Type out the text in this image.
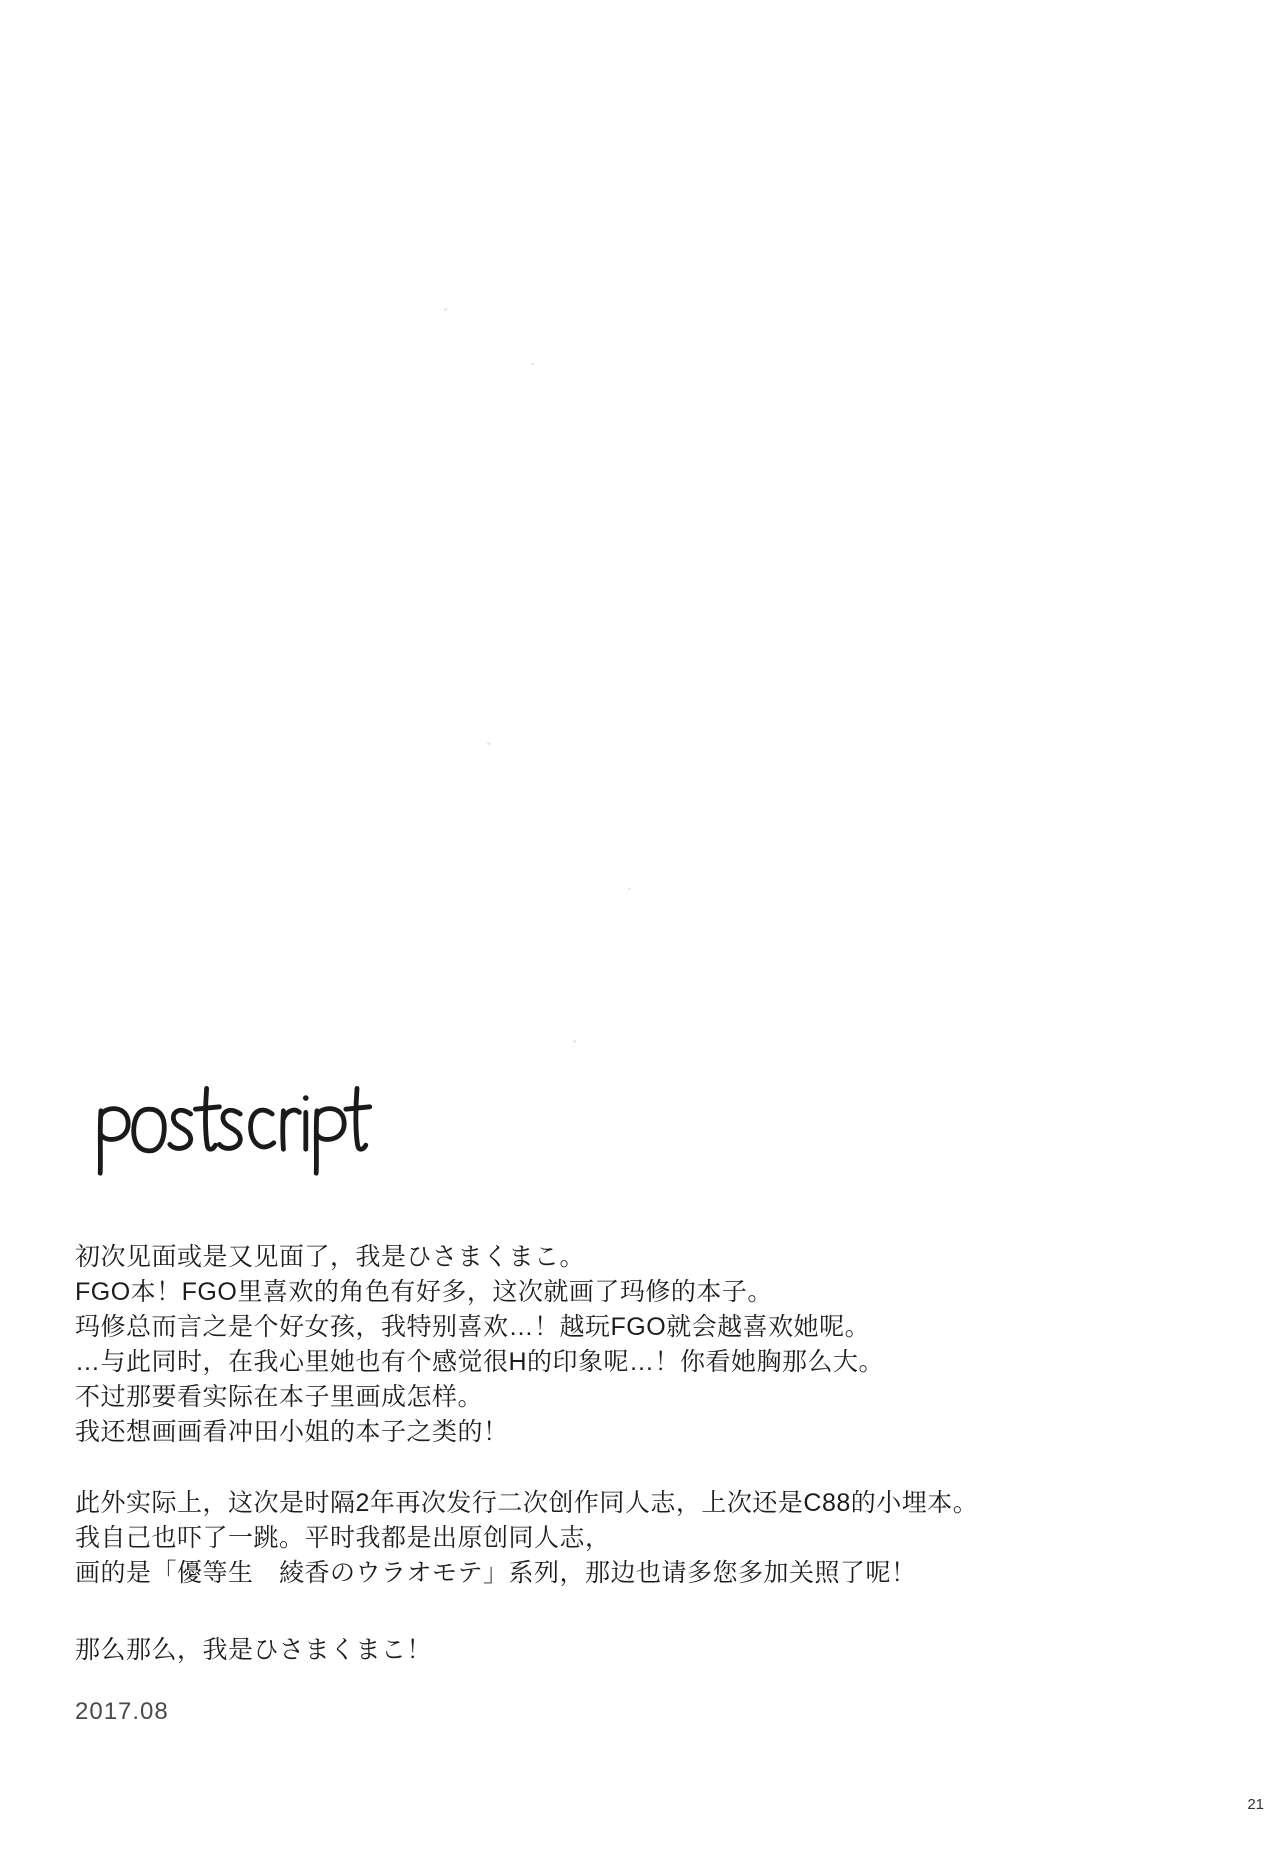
初次见面或是又见面了，我是ひさまくまこ。
FGO本！FGO里喜欢的角色有好多，这次就画了玛修的本子。
玛修总而言之是个好女孩，我特别喜欢…！越玩FGO就会越喜欢她呢。
…与此同时，在我心里她也有个感觉很H的印象呢…！你看她胸那么大。
不过那要看实际在本子里画成怎样。
我还想画画看冲田小姐的本子之类的！

此外实际上，这次是时隔2年再次发行二次创作同人志，上次还是C88的小埋本。
我自己也吓了一跳。平时我都是出原创同人志，
画的是「優等生　綾香のウラオモテ」系列，那边也请多您多加关照了呢！

那么那么，我是ひさまくまこ！

2017.08
21
